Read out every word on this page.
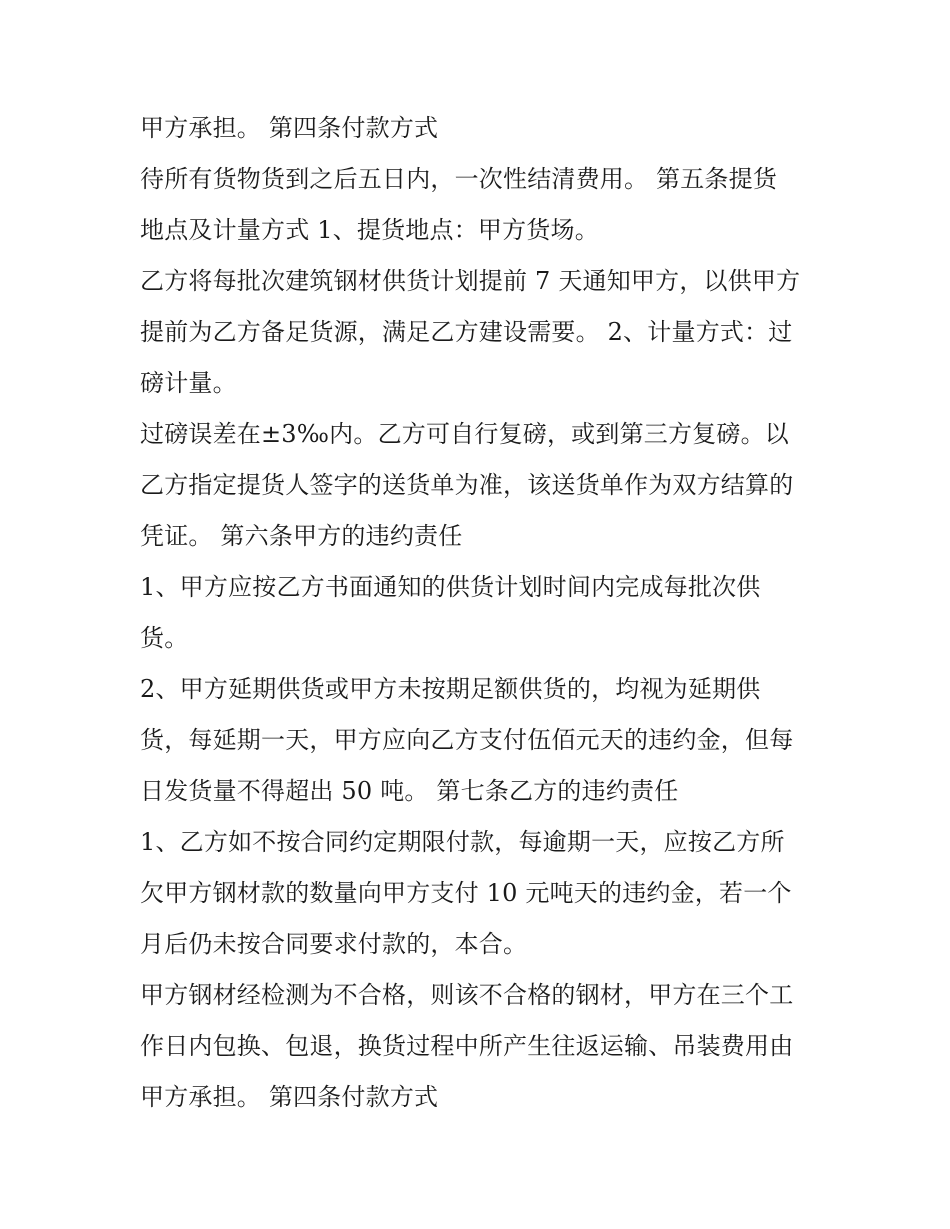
甲方承担。 第四条付款方式
待所有货物货到之后五日内，一次性结清费用。 第五条提货
地点及计量方式 1、提货地点：甲方货场。
乙方将每批次建筑钢材供货计划提前 7 天通知甲方，以供甲方
提前为乙方备足货源，满足乙方建设需要。 2、计量方式：过
磅计量。
过磅误差在±3‰内。乙方可自行复磅，或到第三方复磅。以
乙方指定提货人签字的送货单为准，该送货单作为双方结算的
凭证。 第六条甲方的违约责任
1、甲方应按乙方书面通知的供货计划时间内完成每批次供
货。
2、甲方延期供货或甲方未按期足额供货的，均视为延期供
货，每延期一天，甲方应向乙方支付伍佰元天的违约金，但每
日发货量不得超出 50 吨。 第七条乙方的违约责任
1、乙方如不按合同约定期限付款，每逾期一天，应按乙方所
欠甲方钢材款的数量向甲方支付 10 元吨天的违约金，若一个
月后仍未按合同要求付款的，本合。
甲方钢材经检测为不合格，则该不合格的钢材，甲方在三个工
作日内包换、包退，换货过程中所产生往返运输、吊装费用由
甲方承担。 第四条付款方式
